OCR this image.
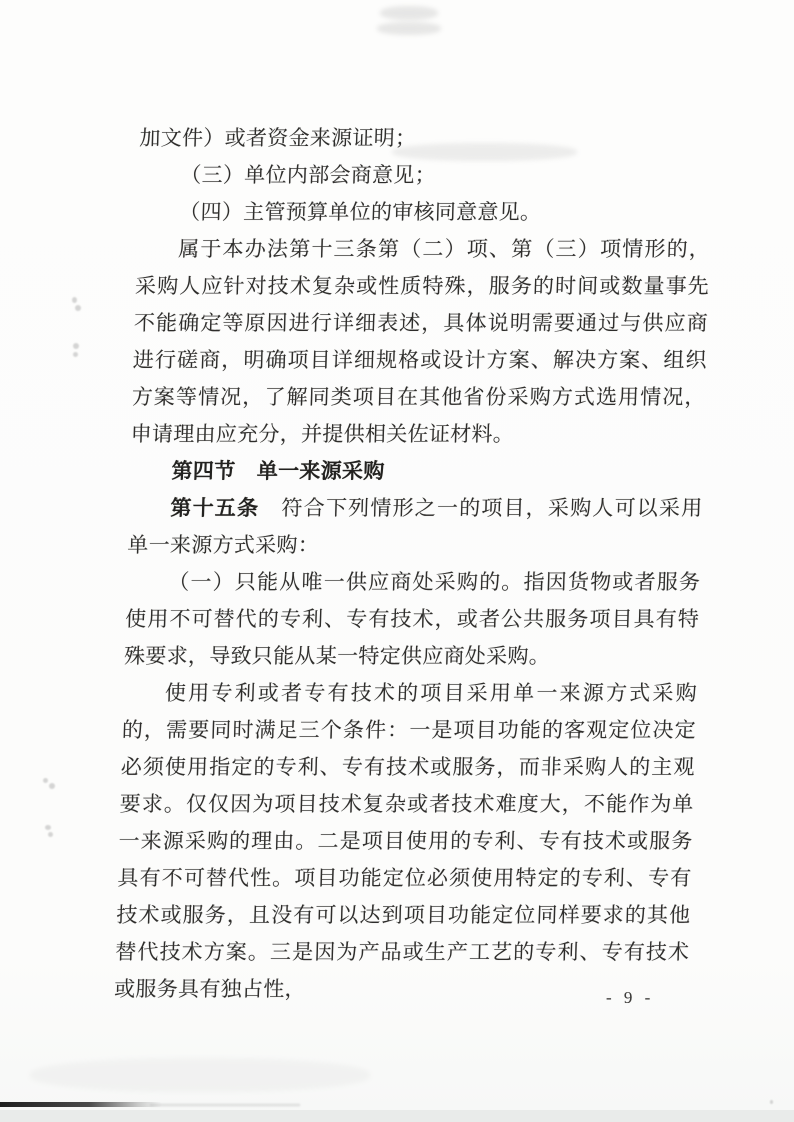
加文件）或者资金来源证明；

（三）单位内部会商意见；

（四）主管预算单位的审核同意意见。

属于本办法第十三条第（二）项、第（三）项情形的，采购人应针对技术复杂或性质特殊，服务的时间或数量事先不能确定等原因进行详细表述，具体说明需要通过与供应商进行磋商，明确项目详细规格或设计方案、解决方案、组织方案等情况，了解同类项目在其他省份采购方式选用情况，申请理由应充分，并提供相关佐证材料。

第四节　单一来源采购

第十五条　符合下列情形之一的项目，采购人可以采用单一来源方式采购：

（一）只能从唯一供应商处采购的。指因货物或者服务使用不可替代的专利、专有技术，或者公共服务项目具有特殊要求，导致只能从某一特定供应商处采购。

使用专利或者专有技术的项目采用单一来源方式采购的，需要同时满足三个条件：一是项目功能的客观定位决定必须使用指定的专利、专有技术或服务，而非采购人的主观要求。仅仅因为项目技术复杂或者技术难度大，不能作为单一来源采购的理由。二是项目使用的专利、专有技术或服务具有不可替代性。项目功能定位必须使用特定的专利、专有技术或服务，且没有可以达到项目功能定位同样要求的其他替代技术方案。三是因为产品或生产工艺的专利、专有技术或服务具有独占性，	- 9 -
